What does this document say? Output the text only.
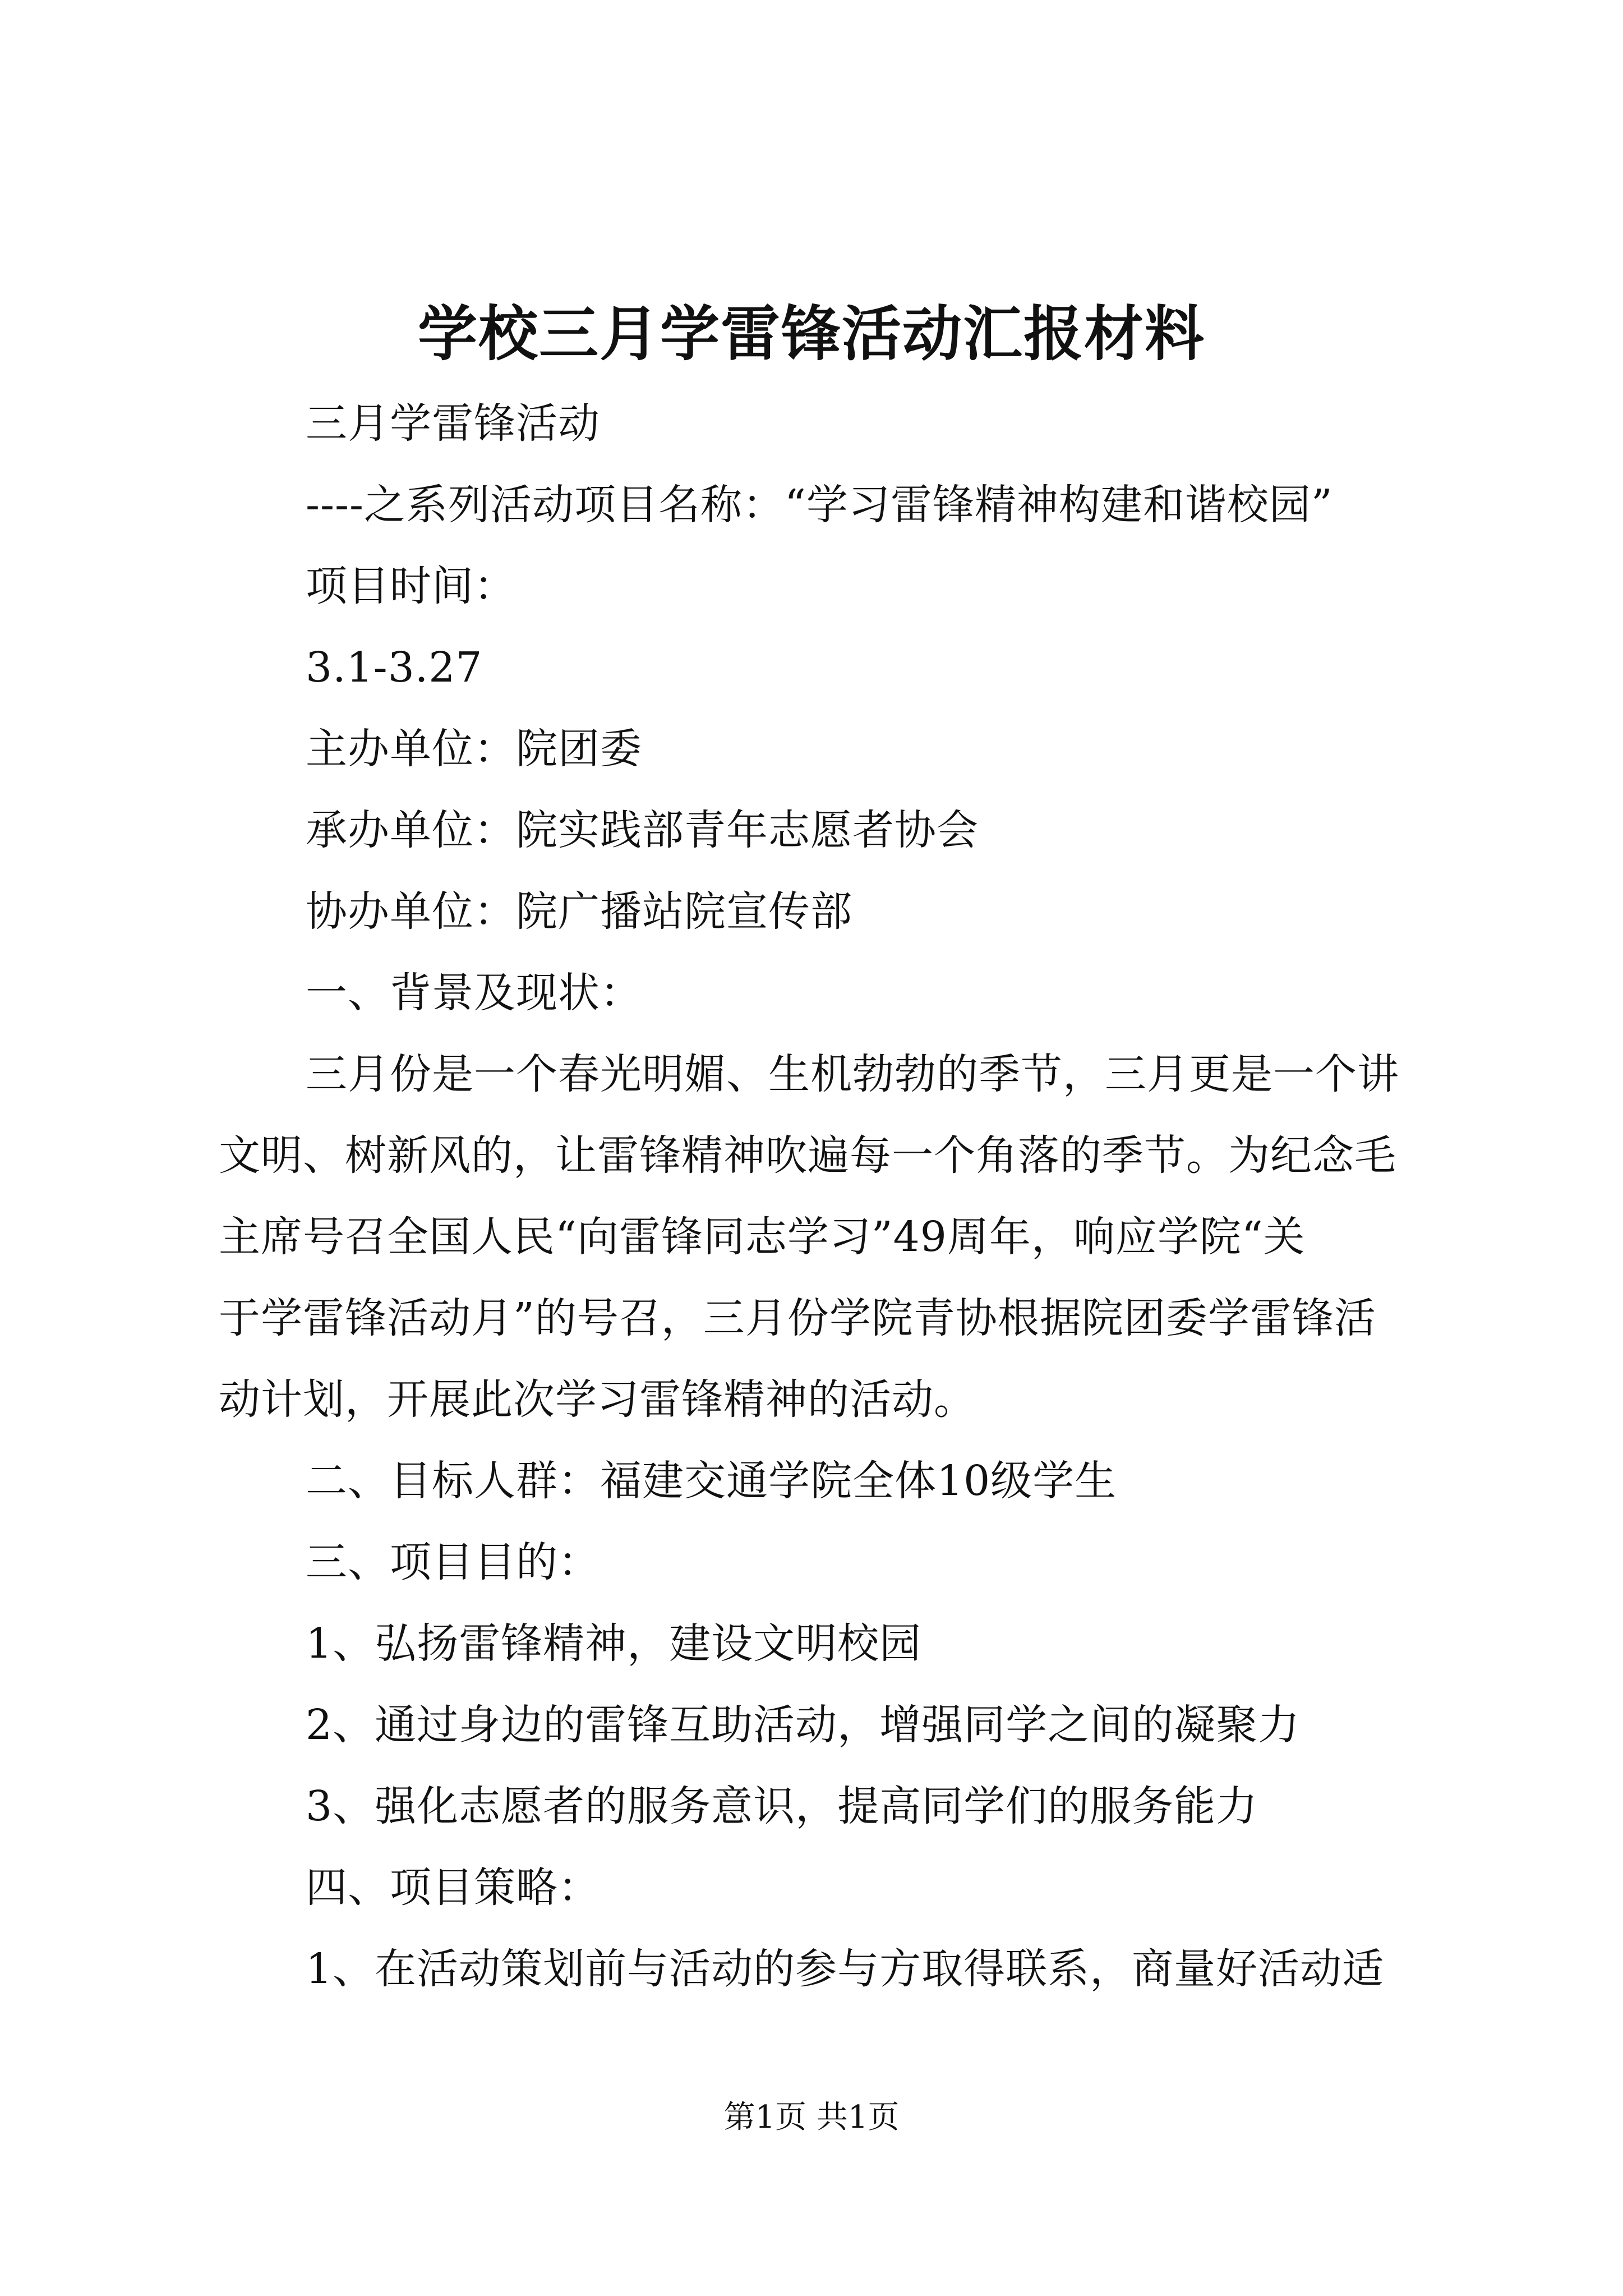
学校三月学雷锋活动汇报材料
三月学雷锋活动
----之系列活动项目名称：“学习雷锋精神构建和谐校园”
项目时间：
3.1-3.27
主办单位：院团委
承办单位：院实践部青年志愿者协会
协办单位：院广播站院宣传部
一、背景及现状：
三月份是一个春光明媚、生机勃勃的季节，三月更是一个讲
文明、树新风的，让雷锋精神吹遍每一个角落的季节。为纪念毛
主席号召全国人民“向雷锋同志学习”49周年，响应学院“关
于学雷锋活动月”的号召，三月份学院青协根据院团委学雷锋活
动计划，开展此次学习雷锋精神的活动。
二、目标人群：福建交通学院全体10级学生
三、项目目的：
1、弘扬雷锋精神，建设文明校园
2、通过身边的雷锋互助活动，增强同学之间的凝聚力
3、强化志愿者的服务意识，提高同学们的服务能力
四、项目策略：
1、在活动策划前与活动的参与方取得联系，商量好活动适
第1页 共1页
